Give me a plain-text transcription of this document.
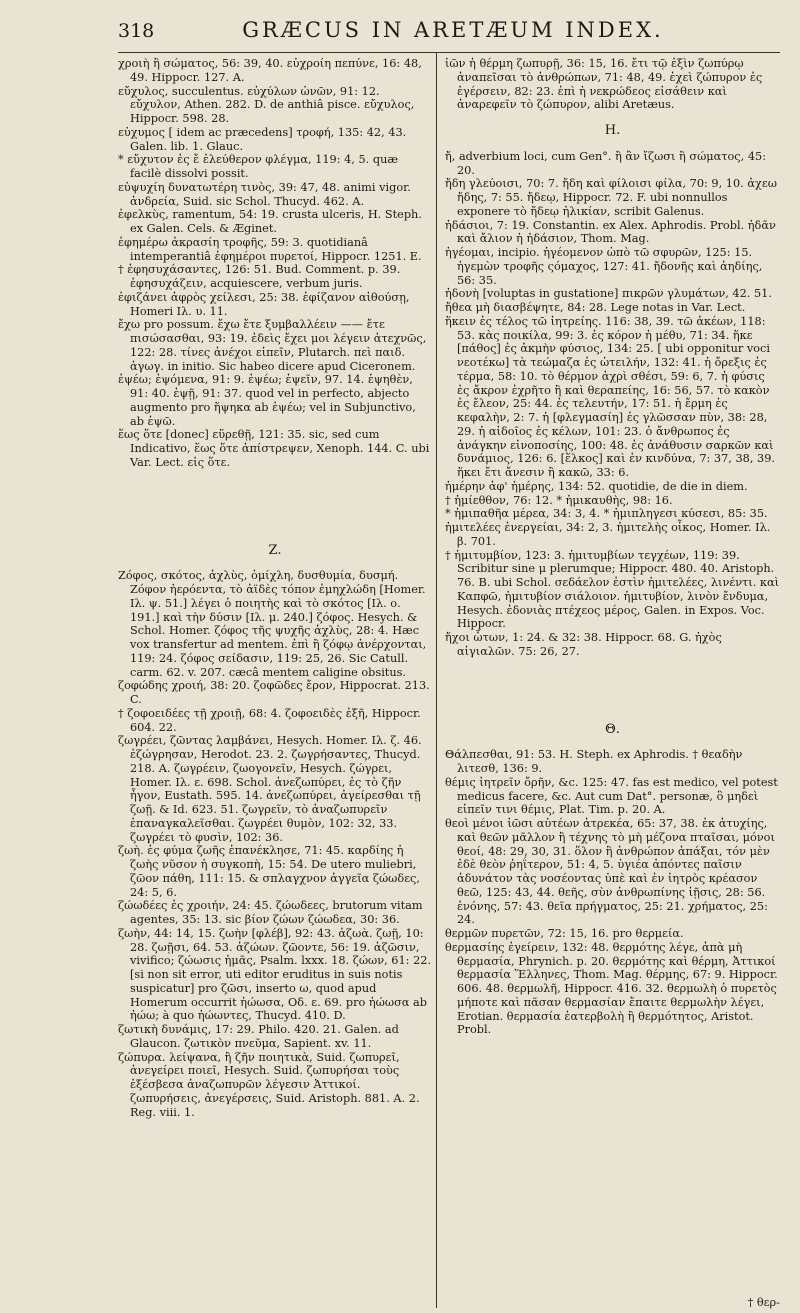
318	GRÆCUS IN ARETÆUM INDEX.

χροιὴ ἢ σώματος, 56: 39, 40. εὐχροίη πεπύνε, 16: 48, 49. Hippocr. 127. A.

εὔχυλος, succulentus. εὐχύλων ὠνῶν, 91: 12. εὔχυλον, Athen. 282. D. de anthiâ pisce. εὔχυλος, Hippocr. 598. 28.

εὐχυμος [ idem ac præcedens] τροφή, 135: 42, 43. Galen. lib. 1. Glauc.

* εὔχυτον ἐς ἔ ἐλεύθερον φλέγμα, 119: 4, 5. quæ facilè dissolvi possit.

εὐψυχίη δυνατωτέρη τινὸς, 39: 47, 48. animi vigor. ἀνδρεία, Suid. sic Schol. Thucyd. 462. A.

ἐφελκὺς, ramentum, 54: 19. crusta ulceris, H. Steph. ex Galen. Cels. & Æginet.

ἐφημέρω ἀκρασίη τροφῆς, 59: 3. quotidianâ intemperantiâ ἐφημέροι πυρετοί, Hippocr. 1251. E.

† ἐφησυχάσαντες, 126: 51. Bud. Comment. p. 39. ἐφησυχάζειν, acquiescere, verbum juris.

ἐφιζάνει ἀφρὸς χείλεσι, 25: 38. ἐφίζανον αἰθούσῃ, Homeri Ιλ. υ. 11.

ἔχω pro possum. ἔχω ἔτε ξυμβαλλέειν —— ἔτε πισώσασθαι, 93: 19. ἐδεὶς ἔχει μοι λέγειν ἀτεχνῶς, 122: 28. τίνες ἀνέχοι εἰπεῖν, Plutarch. πεὶ παιδ. ἀγωγ. in initio. Sic habeo dicere apud Ciceronem.

ἐψέω; ἑψόμενα, 91: 9. ἐψέω; ἑψεῖν, 97. 14. ἑψηθὲν, 91: 40. ἑψῇ, 91: 37. quod vel in perfecto, abjecto augmento pro ἥψηκα ab ἑψέω; vel in Subjunctivo, ab ἑψῶ.

ἕως ὅτε [donec] εὕρεθῇ, 121: 35. sic, sed cum Indicativo, ἕως ὅτε ἀπίστρεψεν, Xenoph. 144. C. ubi Var. Lect. εἰς ὅτε.

Z.

Ζόφος, σκότος, ἀχλὺς, ὀμίχλη, δυσθυμία, δυσμή. Ζόφον ἠερόεντα, τὸ ἀϊδὲς τόπον ἐμηχλώδη [Homer. Ιλ. ψ. 51.] λέγει ὁ ποιητὴς καὶ τὸ σκότος [Ιλ. ο. 191.] καὶ τὴν δύσιν [Ιλ. μ. 240.] ζόφος. Hesych. & Schol. Homer. ζόφος τῆς ψυχῆς ἀχλὺς, 28: 4. Hæc vox transfertur ad mentem. ἐπὶ ἢ ζόφῳ ἀνέρχονται, 119: 24. ζόφος σείδασιν, 119: 25, 26. Sic Catull. carm. 62. v. 207. cæcâ mentem caligine obsitus.

ζοφώδης χροιή, 38: 20. ζοφῶδες ἔρον, Hippocrat. 213. C.

† ζοφοειδέες τῇ χροιῇ, 68: 4. ζοφοειδὲς ἐξῆ, Hippocr. 604. 22.

ζωγρέει, ζῶντας λαμβάνει, Hesych. Homer. Ιλ. ζ. 46. ἐζώγρησαν, Herodot. 23. 2. ζωγρήσαντες, Thucyd. 218. A. ζωγρέειν, ζωογονεῖν, Hesych. ζώγρει, Homer. Ιλ. ε. 698. Schol. ἀνεζωπύρει, ἐς τὸ ζῆν ἦγον, Eustath. 595. 14. ἀνεζωπύρει, ἀγείρεσθαι τῇ ζωῇ. & Id. 623. 51. ζωγρεῖν, τὸ ἀναζωπυρεῖν ἐπαναγκαλεῖσθαι. ζωγρέει θυμὸν, 102: 32, 33. ζωγρέει τὸ φυσὶν, 102: 36.

ζωὴ. ἐς φύμα ζωῆς ἐπανέκλησε, 71: 45. καρδίης ἡ ζωὴς νῦσον ἡ συγκοπὴ, 15: 54. De utero muliebri, ζῶον πάθη, 111: 15. & σπλαγχνον ἀγγεῖα ζώωδες, 24: 5, 6.

ζώωδέες ἐς χροιήν, 24: 45. ζώωδεες, brutorum vitam agentes, 35: 13. sic βίον ζώων ζώωδεα, 30: 36.

ζωὴν, 44: 14, 15. ζωὴν [φλέβ], 92: 43. ἀζωὰ. ζωῇ, 10: 28. ζωῇσι, 64. 53. ἀζώων. ζῶοντε, 56: 19. ἀζῶσιν, vivifico; ζώωσις ἡμᾶς, Psalm. lxxx. 18. ζώων, 61: 22. [si non sit error, uti editor eruditus in suis notis suspicatur] pro ζῶσι, inserto ω, quod apud Homerum occurrit ἠώωσα, Οδ. ε. 69. pro ἠώωσα ab ἠώω; à quo ἠώωντες, Thucyd. 410. D.

ζωτικὴ δυνάμις, 17: 29. Philo. 420. 21. Galen. ad Glaucon. ζωτικὸν πνεῦμα, Sapient. xv. 11.

ζώπυρα. λείψανα, ἢ ζῆν ποιητικὰ, Suid. ζωπυρεῖ, ἀνεγείρει ποιεῖ, Hesych. Suid. ζωπυρήσαι τοὺς ἐξέσβεσα ἀναζωπυρῶν λέγεσιν Ἀττικοί. ζωπυρήσεις, ἀνεγέρσεις, Suid. Aristoph. 881. A. 2. Reg. viii. 1.

ἰῶν ἡ θέρμη ζωπυρῇ, 36: 15, 16. ἔτι τῷ ἐξὶν ζωπύρῳ ἀναπεῖσαι τὸ ἀνθρώπων, 71: 48, 49. ἐχεὶ ζώπυρον ἐς ἐγέρσειν, 82: 23. ἐπὶ ἡ νεκρώδεος εἰσάθειν καὶ ἀναρεφεῖν τὸ ζώπυρον, alibi Aretæus.

H.

ἤ, adverbium loci, cum Gen°. ἢ ἂν ἴζωσι ἢ σώματος, 45: 20.

ἤδη γλεύοισι, 70: 7. ἤδη καὶ φίλοισι φίλα, 70: 9, 10. ἀχεω ἤδης, 7: 55. ἤδεῳ, Hippocr. 72. F. ubi nonnullos exponere τὸ ἤδεῳ ἡλικίαν, scribit Galenus.

ἠδάσιοι, 7: 19. Constantin. ex Alex. Aphrodis. Probl. ἠδᾶν καὶ ἄλιον ἡ ἠδάσιον, Thom. Mag.

ἡγέομαι, incipio. ἡγέομενον ὡπὸ τῶ σφυρῶν, 125: 15. ἡγεμὼν τροφῆς ςόμαχος, 127: 41. ἤδονῆς καὶ ἀηδίης, 56: 35.

ἠδονὴ [voluptas in gustatione] πικρῶν γλυμάτων, 42. 51.

ἤθεα μὴ διασβέψητε, 84: 28. Lege notas in Var. Lect.

ἥκειν ἐς τέλος τῶ ἰητρείης. 116: 38, 39. τῶ ἀκέων, 118: 53. κὰς ποικίλα, 99: 3. ἐς κόρον ἡ μέθυ, 71: 34. ἥκε [πάθος] ἐς ἀκμὴν φύσιος, 134: 25. [ ubi opponitur voci νεοτέκω] τὰ τεώμαζα ἐς ὠτειλήν, 132: 41. ἡ ὄρεξις ἐς τέρμα, 58: 10. τὸ θέρμον ἀχρὶ σθέσι, 59: 6, 7. ἡ φύσις ἐς ἄκρον ἐχρῆτο ἢ καὶ θεραπείης, 16: 56, 57. τὸ κακὸν ἐς ἔλεον, 25: 44. ἐς τελευτήν, 17: 51. ἡ ἔρμη ἐς κεφαλὴν, 2: 7. ἡ [φλεγμασίη] ἐς γλῶσσαν πὺν, 38: 28, 29. ἡ αἰδοῖος ἐς κέλων, 101: 23. ὁ ἄνθρωπος ἐς ἀνάγκην εἰνοποσίης, 100: 48. ἐς ἀνάθυσιν σαρκῶν καὶ δυνάμιος, 126: 6. [ἕλκος] καὶ ἐν κινδύνα, 7: 37, 38, 39. ἥκει ἔτι ἄνεσιν ἢ κακῶ, 33: 6.

ἡμέρην ἀφ' ἡμέρης, 134: 52. quotidie, de die in diem.

† ἡμίεθθον, 76: 12. * ἡμικαυθὴς, 98: 16.

* ἡμιπαθῆα μέρεα, 34: 3, 4. * ἡμιπληγεσι κύσεσι, 85: 35.

ἡμιτελέες ἐνεργείαι, 34: 2, 3. ἡμιτελὴς οἶκος, Homer. Ιλ. β. 701.

† ἡμιτυμβίον, 123: 3. ἡμιτυμβίων τεγχέων, 119: 39. Scribitur sine μ plerumque; Hippocr. 480. 40. Aristoph. 76. B. ubi Schol. σεδάελον ἐστὶν ἡμιτελέες, λινέντι. καὶ Καπφῶ, ἡμιτυβίον σιάλοιον. ἡμιτυβίον, λινὸν ἔνδυμα, Hesych. ἐδονιὰς πτέχεος μέρος, Galen. in Expos. Voc. Hippocr.

ἤχοι ὦτων, 1: 24. & 32: 38. Hippocr. 68. G. ἠχὸς αἰγιαλῶν. 75: 26, 27.

Θ.

Θάλπεσθαι, 91: 53. H. Steph. ex Aphrodis. † θεαδὴν λιτεσθ, 136: 9.

θέμις ἰητρεῖν ὄρῆν, &c. 125: 47. fas est medico, vel potest medicus facere, &c. Aut cum Dat°. personæ, ὃ μηδεὶ εἰπεῖν τινι θέμις, Plat. Tim. p. 20. A.

θεοὶ μένοι ἰῶσι αὐτέων ἀτρεκέα, 65: 37, 38. ἐκ ἀτυχίης, καὶ θεῶν μᾶλλον ἢ τέχνης τὸ μὴ μέζονα πταῖσαι, μόνοι θεοί, 48: 29, 30, 31. ὅλον ἢ ἀνθρώπον ἀπάξαι, τόν μὲν ἐδὲ θεὸν ῥηΐτερον, 51: 4, 5. ὑγιέα ἀπόντες παῖσιν ἀδυνάτον τὰς νοσέοντας ὑπὲ καὶ ἐν ἰητρὸς κρέασον θεῶ, 125: 43, 44. θεῆς, σὺν ἀνθρωπίνης ἰῇσις, 28: 56. ἐνόνης, 57: 43. θεῖα πρήγματος, 25: 21. χρήματος, 25: 24.

θερμῶν πυρετῶν, 72: 15, 16. pro θερμεία.

θερμασίης ἐγείρειν, 132: 48. θερμότης λέγε, ἀπὰ μὴ θερμασία, Phrynich. p. 20. θερμότης καὶ θέρμη, Ἀττικοί θερμασία Ἕλληνες, Thom. Mag. θέρμης, 67: 9. Hippocr. 606. 48. θερμωλῆ, Hippocr. 416. 32. θερμωλὴ ὁ πυρετὸς μήποτε καὶ πᾶσαν θερμασίαν ἔπαιτε θερμωλὴν λέγει, Erotian. θερμασία ἐατερβολὴ ἢ θερμότητος, Aristot. Probl.

† θερ-
